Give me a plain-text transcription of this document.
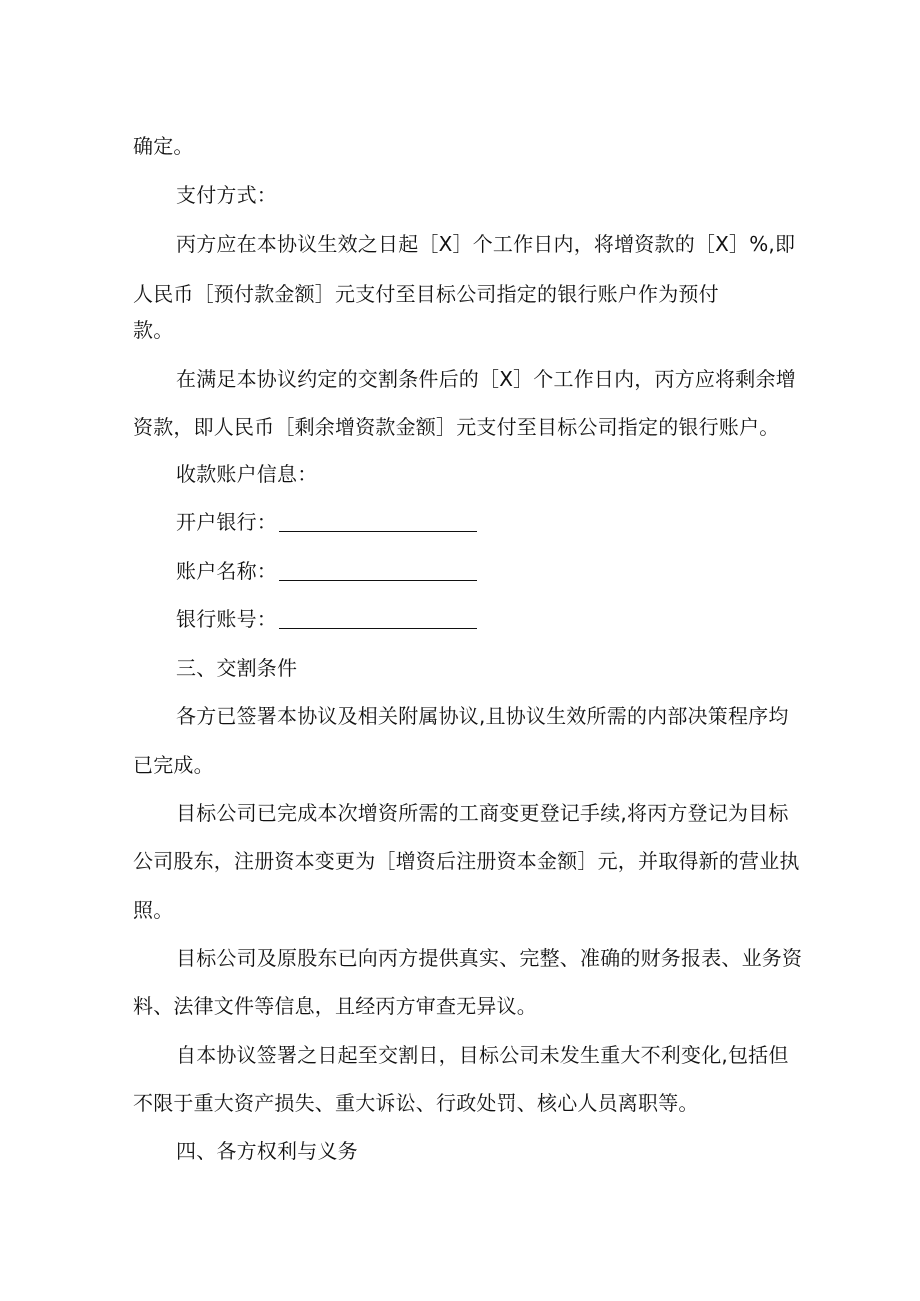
确定。
支付方式：
丙方应在本协议生效之日起［X］个工作日内，将增资款的［X］%,即
人民币［预付款金额］元支付至目标公司指定的银行账户作为预付
款。
在满足本协议约定的交割条件后的［X］个工作日内，丙方应将剩余增
资款，即人民币［剩余增资款金额］元支付至目标公司指定的银行账户。
收款账户信息：
开户银行：
账户名称：
银行账号：
三、交割条件
各方已签署本协议及相关附属协议,且协议生效所需的内部决策程序均
已完成。
目标公司已完成本次增资所需的工商变更登记手续,将丙方登记为目标
公司股东，注册资本变更为［增资后注册资本金额］元，并取得新的营业执
照。
目标公司及原股东已向丙方提供真实、完整、准确的财务报表、业务资
料、法律文件等信息，且经丙方审查无异议。
自本协议签署之日起至交割日，目标公司未发生重大不利变化,包括但
不限于重大资产损失、重大诉讼、行政处罚、核心人员离职等。
四、各方权利与义务
